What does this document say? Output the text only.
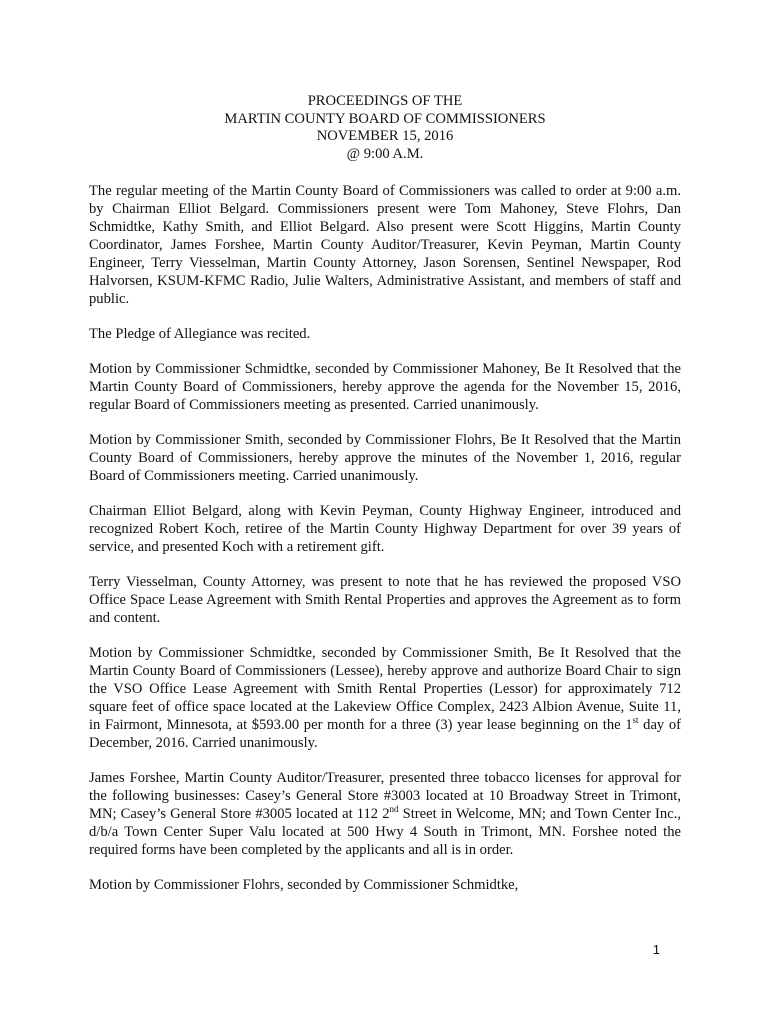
PROCEEDINGS OF THE
MARTIN COUNTY BOARD OF COMMISSIONERS
NOVEMBER 15, 2016
@ 9:00 A.M.

The regular meeting of the Martin County Board of Commissioners was called to order at 9:00 a.m. by Chairman Elliot Belgard. Commissioners present were Tom Mahoney, Steve Flohrs, Dan Schmidtke, Kathy Smith, and Elliot Belgard. Also present were Scott Higgins, Martin County Coordinator, James Forshee, Martin County Auditor/Treasurer, Kevin Peyman, Martin County Engineer, Terry Viesselman, Martin County Attorney, Jason Sorensen, Sentinel Newspaper, Rod Halvorsen, KSUM-KFMC Radio, Julie Walters, Administrative Assistant, and members of staff and public.

The Pledge of Allegiance was recited.

Motion by Commissioner Schmidtke, seconded by Commissioner Mahoney, Be It Resolved that the Martin County Board of Commissioners, hereby approve the agenda for the November 15, 2016, regular Board of Commissioners meeting as presented. Carried unanimously.

Motion by Commissioner Smith, seconded by Commissioner Flohrs, Be It Resolved that the Martin County Board of Commissioners, hereby approve the minutes of the November 1, 2016, regular Board of Commissioners meeting. Carried unanimously.

Chairman Elliot Belgard, along with Kevin Peyman, County Highway Engineer, introduced and recognized Robert Koch, retiree of the Martin County Highway Department for over 39 years of service, and presented Koch with a retirement gift.

Terry Viesselman, County Attorney, was present to note that he has reviewed the proposed VSO Office Space Lease Agreement with Smith Rental Properties and approves the Agreement as to form and content.

Motion by Commissioner Schmidtke, seconded by Commissioner Smith, Be It Resolved that the Martin County Board of Commissioners (Lessee), hereby approve and authorize Board Chair to sign the VSO Office Lease Agreement with Smith Rental Properties (Lessor) for approximately 712 square feet of office space located at the Lakeview Office Complex, 2423 Albion Avenue, Suite 11, in Fairmont, Minnesota, at $593.00 per month for a three (3) year lease beginning on the 1st day of December, 2016. Carried unanimously.

James Forshee, Martin County Auditor/Treasurer, presented three tobacco licenses for approval for the following businesses: Casey’s General Store #3003 located at 10 Broadway Street in Trimont, MN; Casey’s General Store #3005 located at 112 2nd Street in Welcome, MN; and Town Center Inc., d/b/a Town Center Super Valu located at 500 Hwy 4 South in Trimont, MN. Forshee noted the required forms have been completed by the applicants and all is in order.

Motion by Commissioner Flohrs, seconded by Commissioner Schmidtke,

1
